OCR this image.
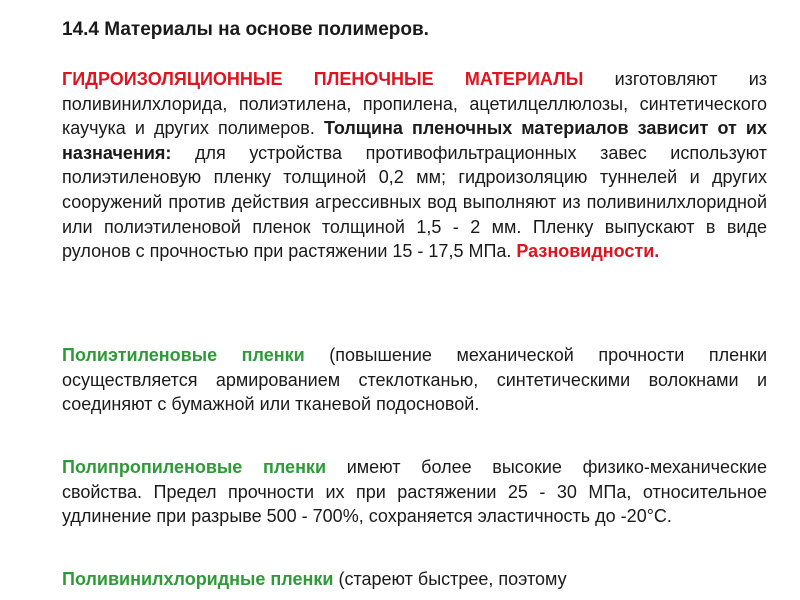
14.4 Материалы на основе полимеров.

ГИДРОИЗОЛЯЦИОННЫЕ ПЛЕНОЧНЫЕ МАТЕРИАЛЫ изготовляют из поливинилхлорида, полиэтилена, пропилена, ацетилцеллюлозы, синтетического каучука и других полимеров. Толщина пленочных материалов зависит от их назначения: для устройства противофильтрационных завес используют полиэтиленовую пленку толщиной 0,2 мм; гидроизоляцию туннелей и других сооружений против действия агрессивных вод выполняют из поливинилхлоридной или полиэтиленовой пленок толщиной 1,5 - 2 мм. Пленку выпускают в виде рулонов с прочностью при растяжении 15 - 17,5 МПа. Разновидности.

Полиэтиленовые пленки (повышение механической прочности пленки осуществляется армированием стеклотканью, синтетическими волокнами и соединяют с бумажной или тканевой подосновой.

Полипропиленовые пленки имеют более высокие физико-механические свойства. Предел прочности их при растяжении 25 - 30 МПа, относительное удлинение при разрыве 500 - 700%, сохраняется эластичность до -20°С.

Поливинилхлоридные пленки (стареют быстрее, поэтому
